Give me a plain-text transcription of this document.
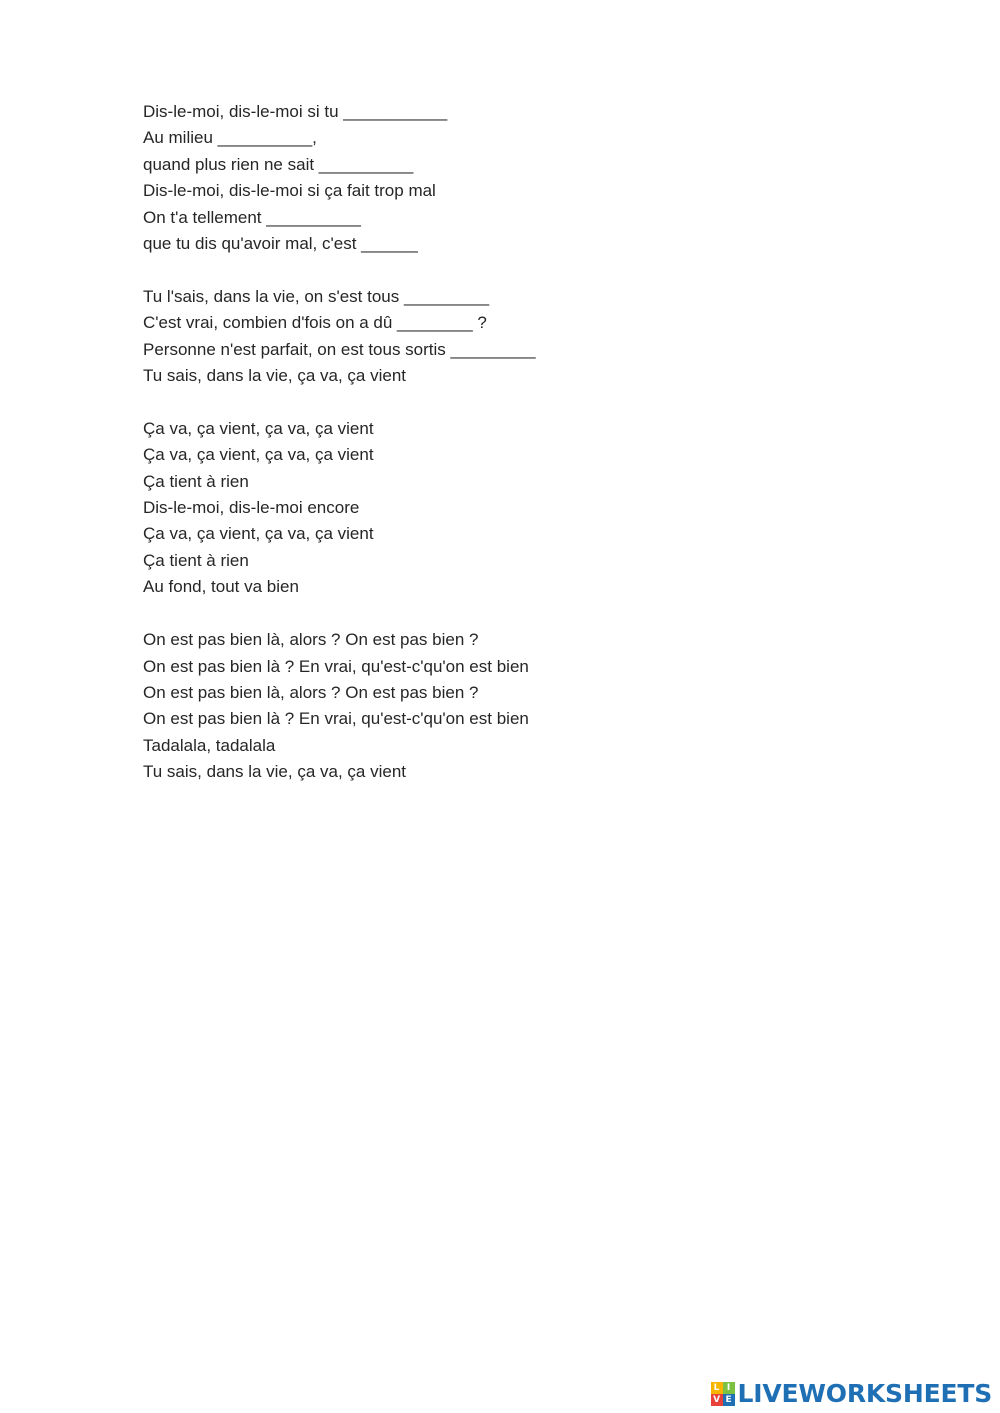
Dis-le-moi, dis-le-moi si tu ___________
Au milieu __________,
quand plus rien ne sait __________
Dis-le-moi, dis-le-moi si ça fait trop mal
On t'a tellement __________
que tu dis qu'avoir mal, c'est ______
Tu l'sais, dans la vie, on s'est tous _________
C'est vrai, combien d'fois on a dû ________ ?
Personne n'est parfait, on est tous sortis _________
Tu sais, dans la vie, ça va, ça vient
Ça va, ça vient, ça va, ça vient
Ça va, ça vient, ça va, ça vient
Ça tient à rien
Dis-le-moi, dis-le-moi encore
Ça va, ça vient, ça va, ça vient
Ça tient à rien
Au fond, tout va bien
On est pas bien là, alors ? On est pas bien ?
On est pas bien là ? En vrai, qu'est-c'qu'on est bien
On est pas bien là, alors ? On est pas bien ?
On est pas bien là ? En vrai, qu'est-c'qu'on est bien
Tadalala, tadalala
Tu sais, dans la vie, ça va, ça vient
L I
V E LIVEWORKSHEETS
